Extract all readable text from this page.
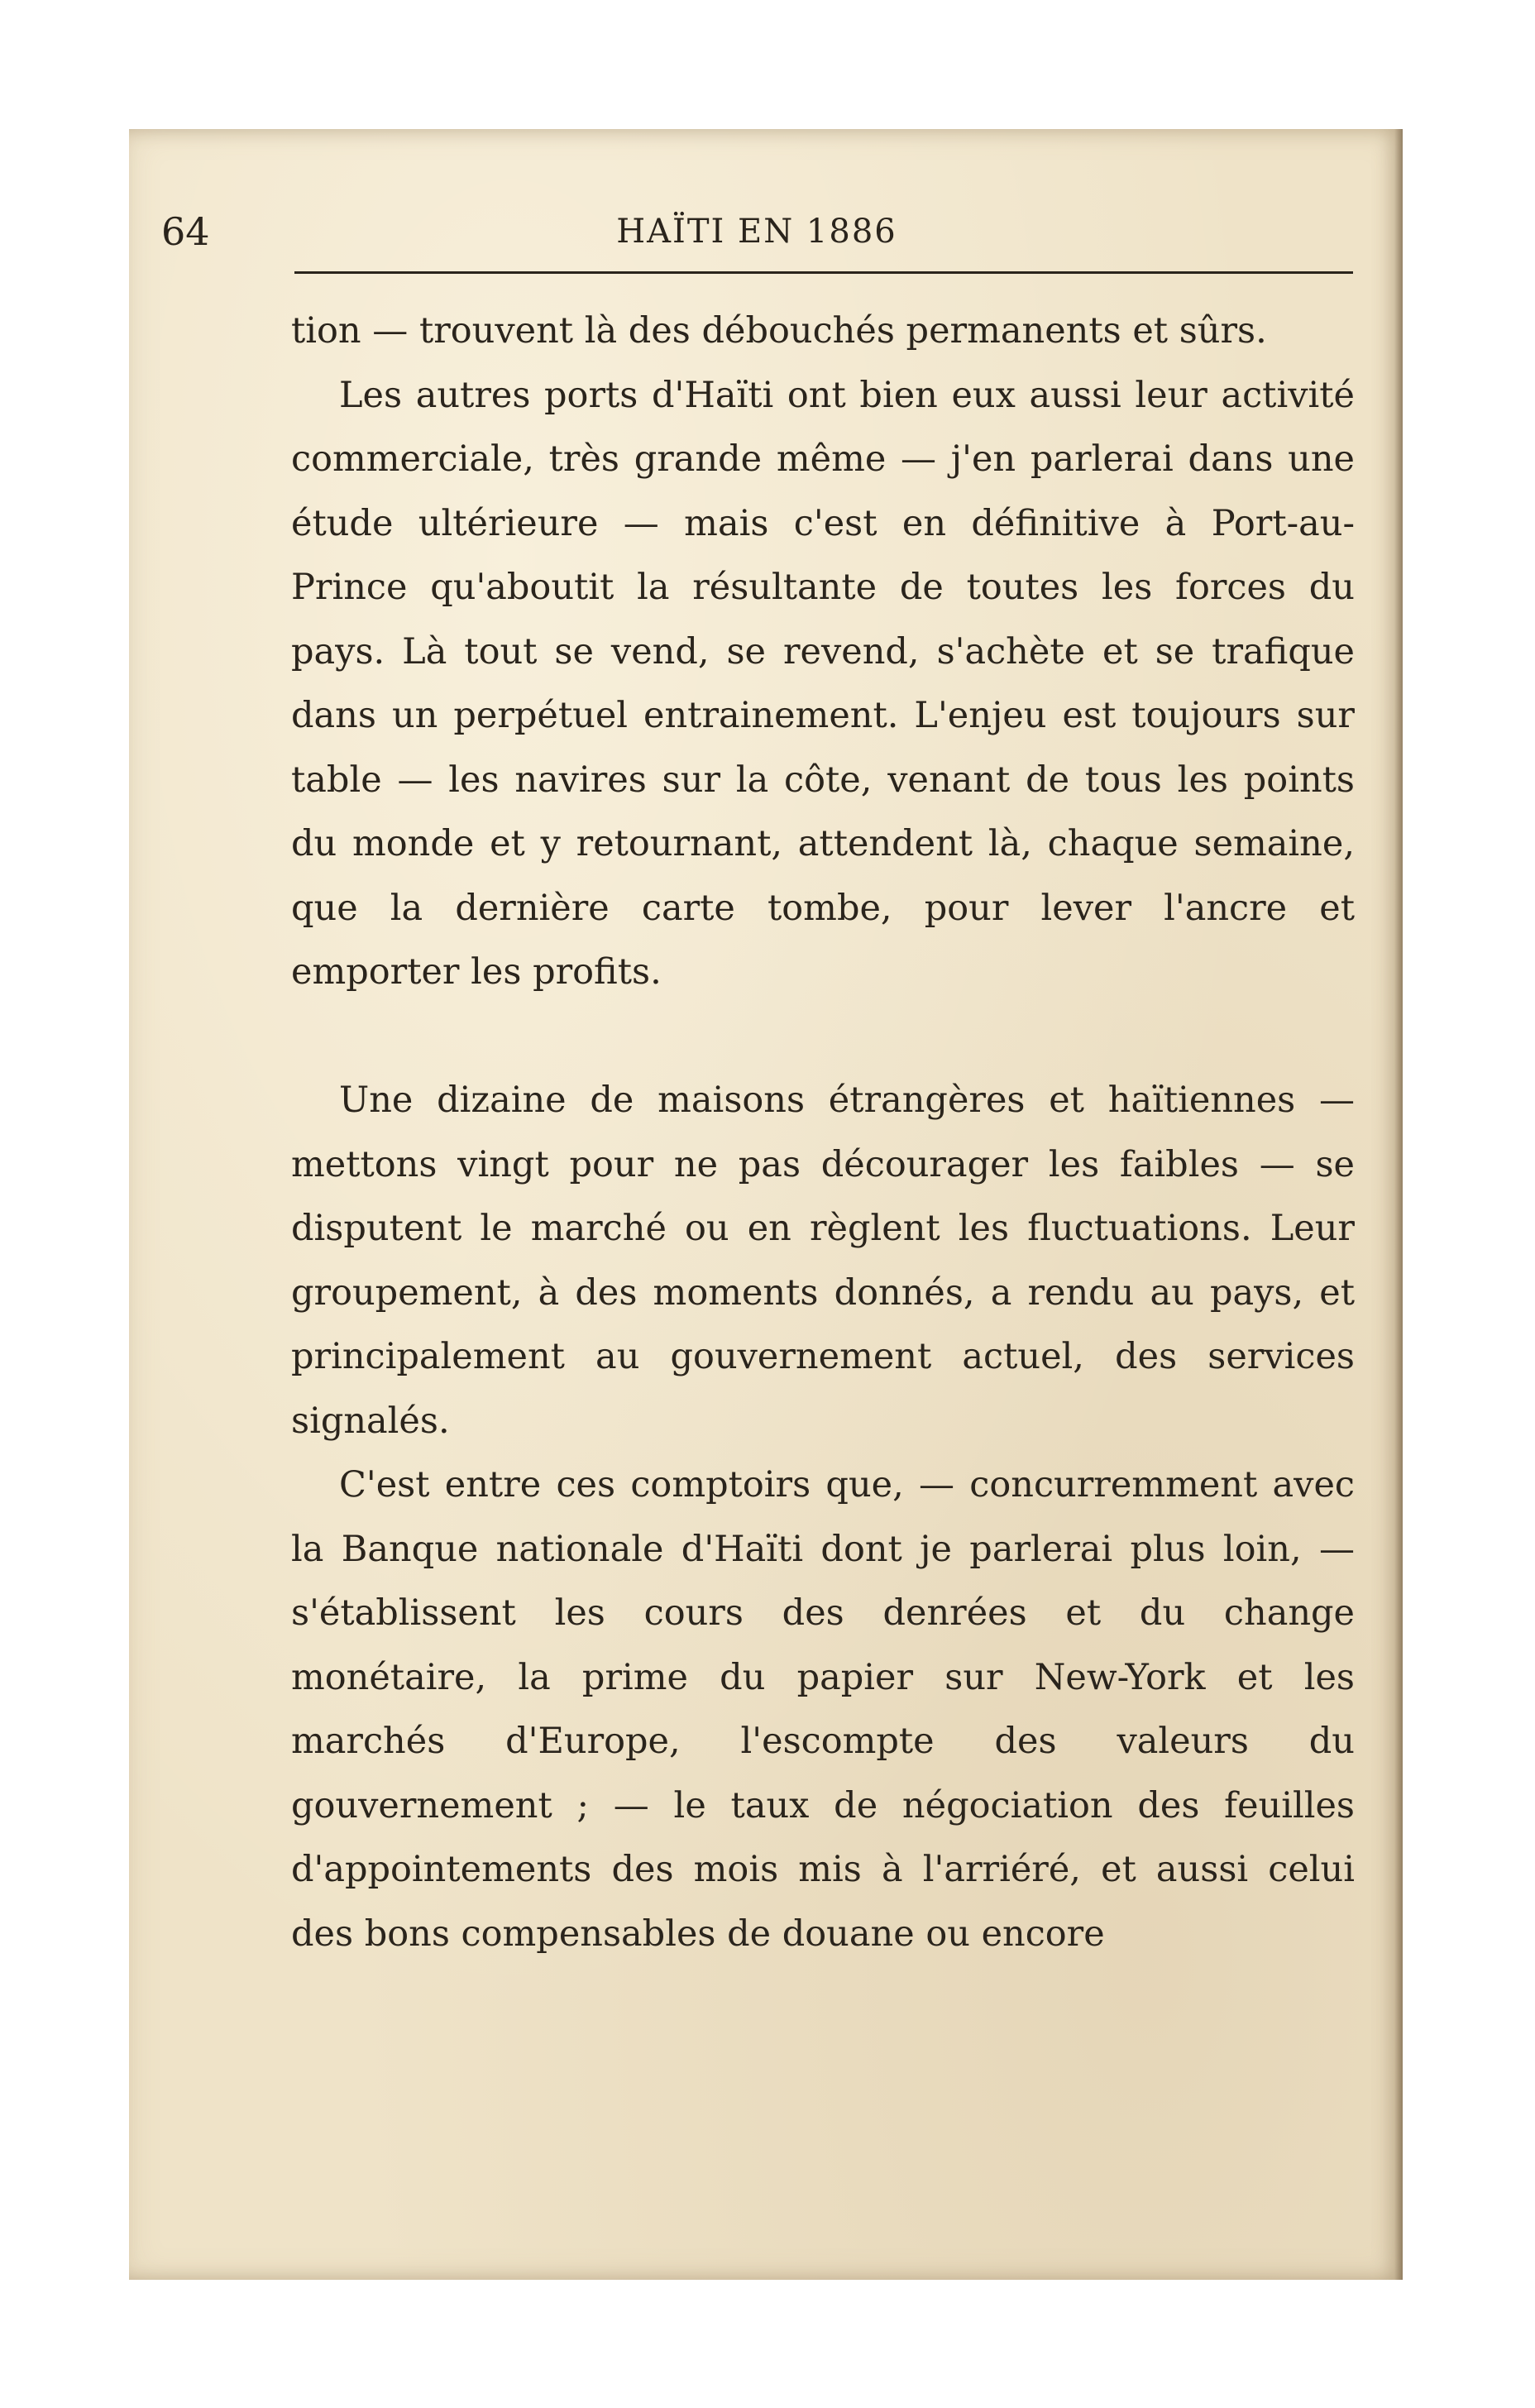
64	HAÏTI EN 1886

tion — trouvent là des débouchés permanents et sûrs.

Les autres ports d'Haïti ont bien eux aussi leur activité commerciale, très grande même — j'en parlerai dans une étude ultérieure — mais c'est en définitive à Port-au-Prince qu'aboutit la résultante de toutes les forces du pays. Là tout se vend, se revend, s'achète et se trafique dans un perpétuel entrainement. L'enjeu est toujours sur table — les navires sur la côte, venant de tous les points du monde et y retournant, attendent là, chaque semaine, que la dernière carte tombe, pour lever l'ancre et emporter les profits.

Une dizaine de maisons étrangères et haïtiennes — mettons vingt pour ne pas décourager les faibles — se disputent le marché ou en règlent les fluctuations. Leur groupement, à des moments donnés, a rendu au pays, et principalement au gouvernement actuel, des services signalés.

C'est entre ces comptoirs que, — concurremment avec la Banque nationale d'Haïti dont je parlerai plus loin, — s'établissent les cours des denrées et du change monétaire, la prime du papier sur New-York et les marchés d'Europe, l'escompte des valeurs du gouvernement ; — le taux de négociation des feuilles d'appointements des mois mis à l'arriéré, et aussi celui des bons compensables de douane ou encore
